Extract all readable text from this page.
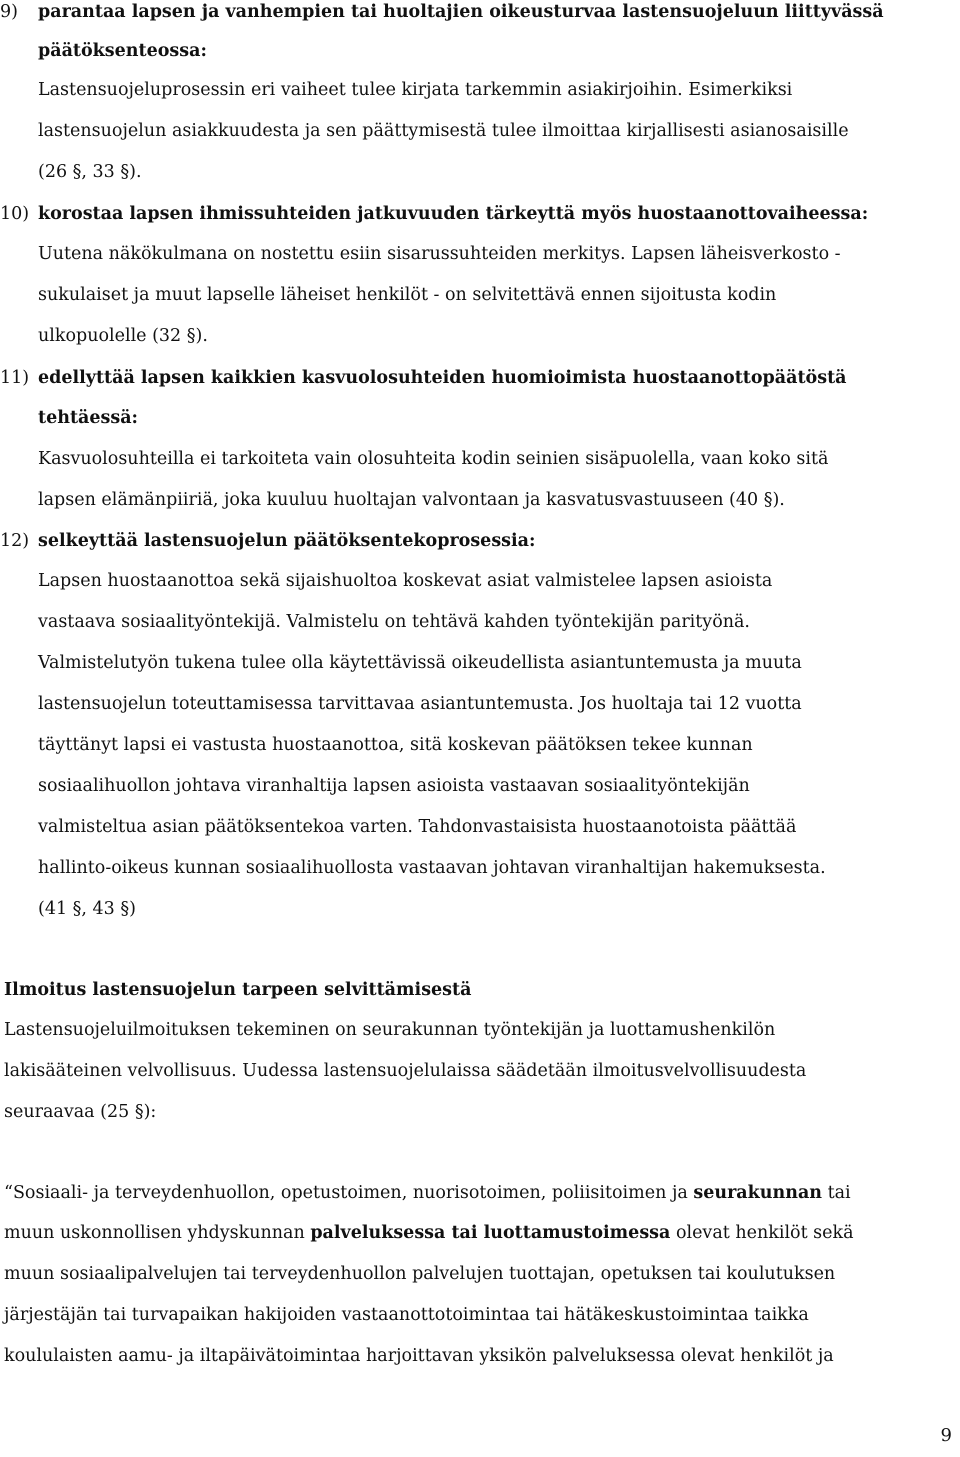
9) parantaa lapsen ja vanhempien tai huoltajien oikeusturvaa lastensuojeluun liittyvässä
päätöksenteossa:
Lastensuojeluprosessin eri vaiheet tulee kirjata tarkemmin asiakirjoihin. Esimerkiksi
lastensuojelun asiakkuudesta ja sen päättymisestä tulee ilmoittaa kirjallisesti asianosaisille
(26 §, 33 §).
10) korostaa lapsen ihmissuhteiden jatkuvuuden tärkeyttä myös huostaanottovaiheessa:
Uutena näkökulmana on nostettu esiin sisarussuhteiden merkitys. Lapsen läheisverkosto -
sukulaiset ja muut lapselle läheiset henkilöt - on selvitettävä ennen sijoitusta kodin
ulkopuolelle (32 §).
11) edellyttää lapsen kaikkien kasvuolosuhteiden huomioimista huostaanottopäätöstä
tehtäessä:
Kasvuolosuhteilla ei tarkoiteta vain olosuhteita kodin seinien sisäpuolella, vaan koko sitä
lapsen elämänpiiriä, joka kuuluu huoltajan valvontaan ja kasvatusvastuuseen (40 §).
12) selkeyttää lastensuojelun päätöksentekoprosessia:
Lapsen huostaanottoa sekä sijaishuoltoa koskevat asiat valmistelee lapsen asioista
vastaava sosiaalityöntekijä. Valmistelu on tehtävä kahden työntekijän parityönä.
Valmistelutyön tukena tulee olla käytettävissä oikeudellista asiantuntemusta ja muuta
lastensuojelun toteuttamisessa tarvittavaa asiantuntemusta. Jos huoltaja tai 12 vuotta
täyttänyt lapsi ei vastusta huostaanottoa, sitä koskevan päätöksen tekee kunnan
sosiaalihuollon johtava viranhaltija lapsen asioista vastaavan sosiaalityöntekijän
valmisteltua asian päätöksentekoa varten. Tahdonvastaisista huostaanotoista päättää
hallinto-oikeus kunnan sosiaalihuollosta vastaavan johtavan viranhaltijan hakemuksesta.
(41 §, 43 §)
Ilmoitus lastensuojelun tarpeen selvittämisestä
Lastensuojeluilmoituksen tekeminen on seurakunnan työntekijän ja luottamushenkilön
lakisääteinen velvollisuus. Uudessa lastensuojelulaissa säädetään ilmoitusvelvollisuudesta
seuraavaa (25 §):
“Sosiaali- ja terveydenhuollon, opetustoimen, nuorisotoimen, poliisitoimen ja seurakunnan tai
muun uskonnollisen yhdyskunnan palveluksessa tai luottamustoimessa olevat henkilöt sekä
muun sosiaalipalvelujen tai terveydenhuollon palvelujen tuottajan, opetuksen tai koulutuksen
järjestäjän tai turvapaikan hakijoiden vastaanottotoimintaa tai hätäkeskustoimintaa taikka
koululaisten aamu- ja iltapäivätoimintaa harjoittavan yksikön palveluksessa olevat henkilöt ja
9
